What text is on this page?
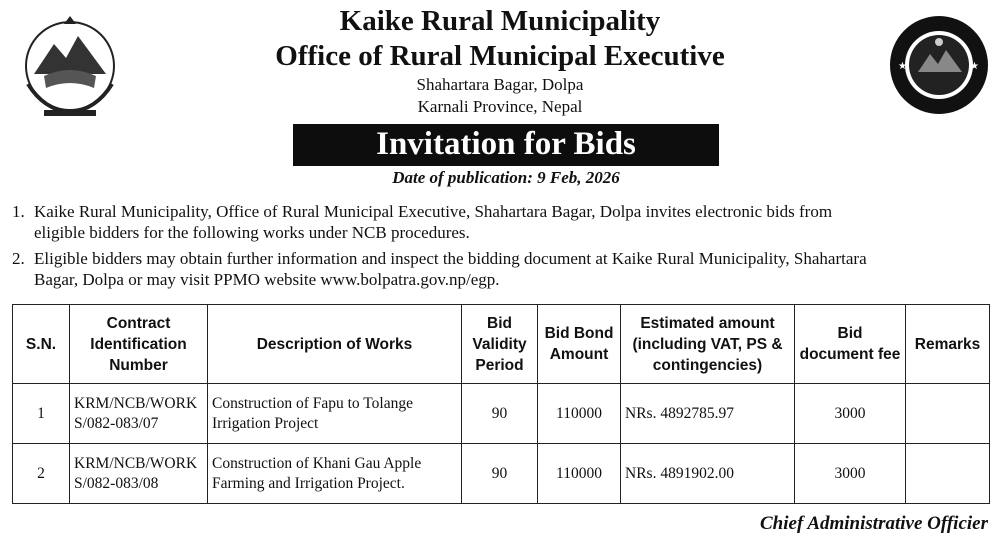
★	★
Kaike Rural Municipality
Office of Rural Municipal Executive
Shahartara Bagar, Dolpa
Karnali Province, Nepal
Invitation for Bids
Date of publication: 9 Feb, 2026
1. Kaike Rural Municipality, Office of Rural Municipal Executive, Shahartara Bagar, Dolpa invites electronic bids from
eligible bidders for the following works under NCB procedures.
2. Eligible bidders may obtain further information and inspect the bidding document at Kaike Rural Municipality, Shahartara
Bagar, Dolpa or may visit PPMO website www.bolpatra.gov.np/egp.
S.N.	Contract Identification Number	Description of Works	Bid Validity Period	Bid Bond Amount	Estimated amount (including VAT, PS & contingencies)	Bid document fee	Remarks
1	KRM/NCB/WORKS/082-083/07	Construction of Fapu to Tolange Irrigation Project	90	110000	NRs. 4892785.97	3000	
2	KRM/NCB/WORKS/082-083/08	Construction of Khani Gau Apple Farming and Irrigation Project.	90	110000	NRs. 4891902.00	3000	
Chief Administrative Officier
